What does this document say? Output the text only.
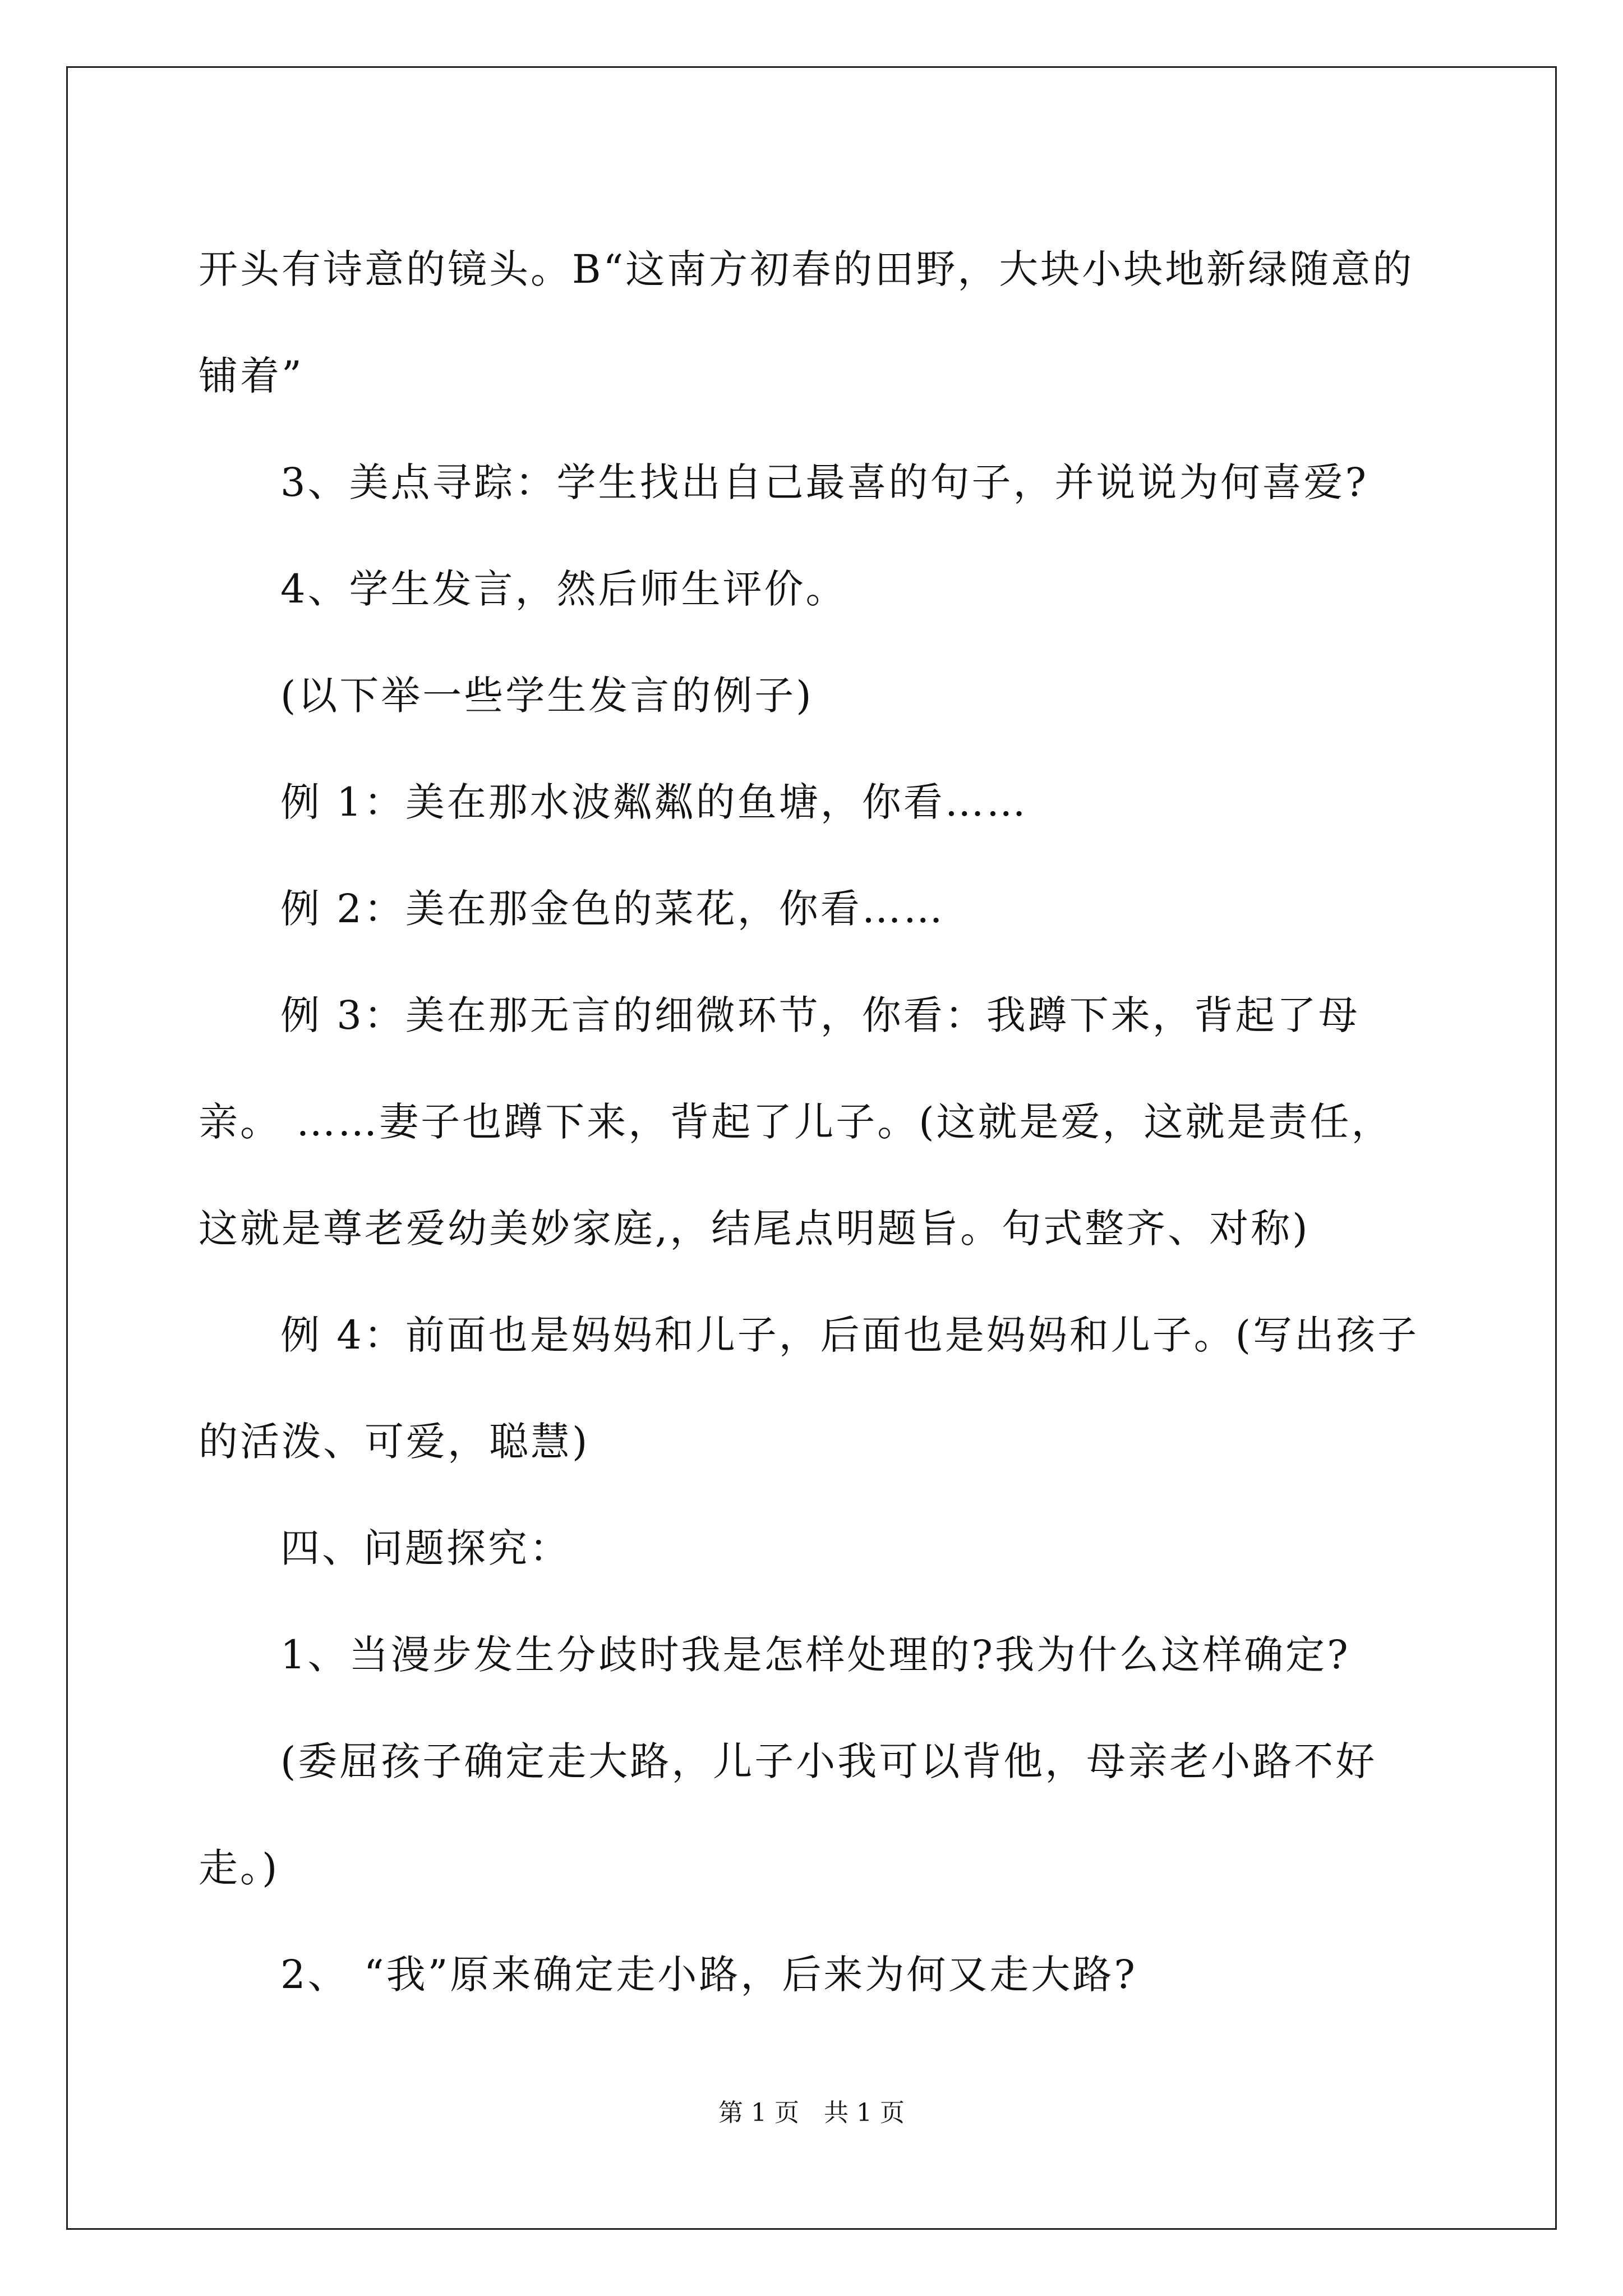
开头有诗意的镜头。B“这南方初春的田野，大块小块地新绿随意的铺着”

3、美点寻踪：学生找出自己最喜的句子，并说说为何喜爱?

4、学生发言，然后师生评价。

(以下举一些学生发言的例子)

例 1：美在那水波粼粼的鱼塘，你看……

例 2：美在那金色的菜花，你看……

例 3：美在那无言的细微环节，你看：我蹲下来，背起了母亲。 ……妻子也蹲下来，背起了儿子。(这就是爱，这就是责任，这就是尊老爱幼美妙家庭,，结尾点明题旨。句式整齐、对称)

例 4：前面也是妈妈和儿子，后面也是妈妈和儿子。(写出孩子的活泼、可爱，聪慧)

四、问题探究：

1、当漫步发生分歧时我是怎样处理的?我为什么这样确定?

(委屈孩子确定走大路，儿子小我可以背他，母亲老小路不好走。)

2、 “我”原来确定走小路，后来为何又走大路?

第 1 页　共 1 页
